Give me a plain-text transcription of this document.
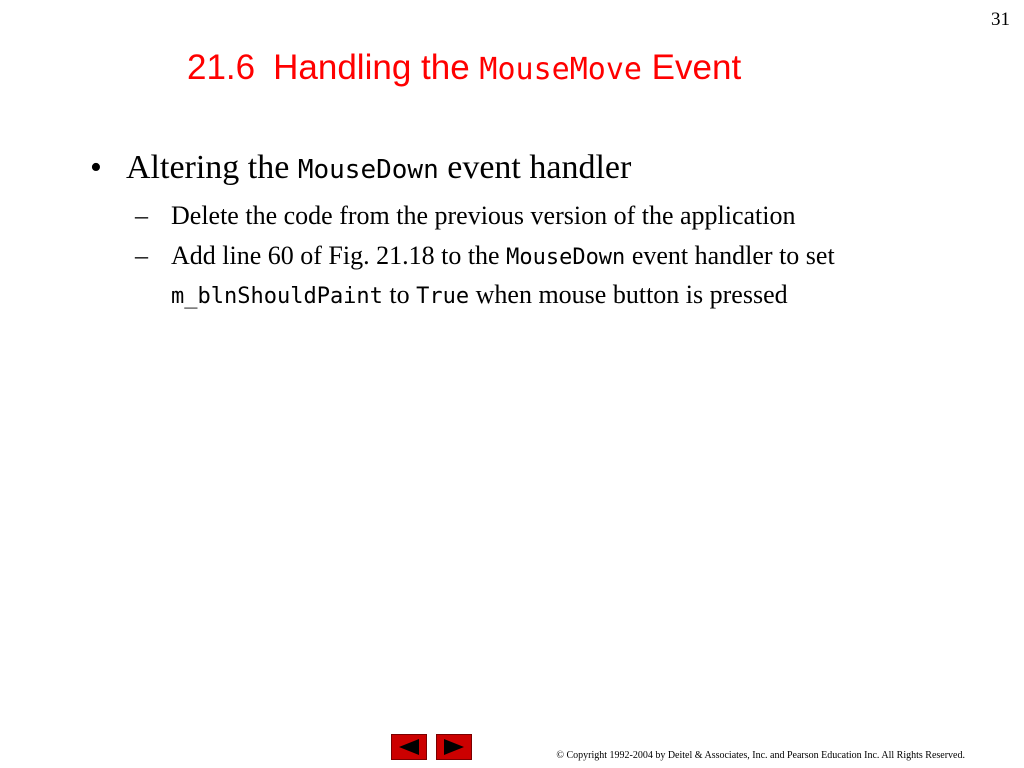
31
21.6 Handling the MouseMove Event
• Altering the MouseDown event handler
– Delete the code from the previous version of the application
– Add line 60 of Fig. 21.18 to the MouseDown event handler to set m_blnShouldPaint to True when mouse button is pressed
© Copyright 1992-2004 by Deitel & Associates, Inc. and Pearson Education Inc. All Rights Reserved.
